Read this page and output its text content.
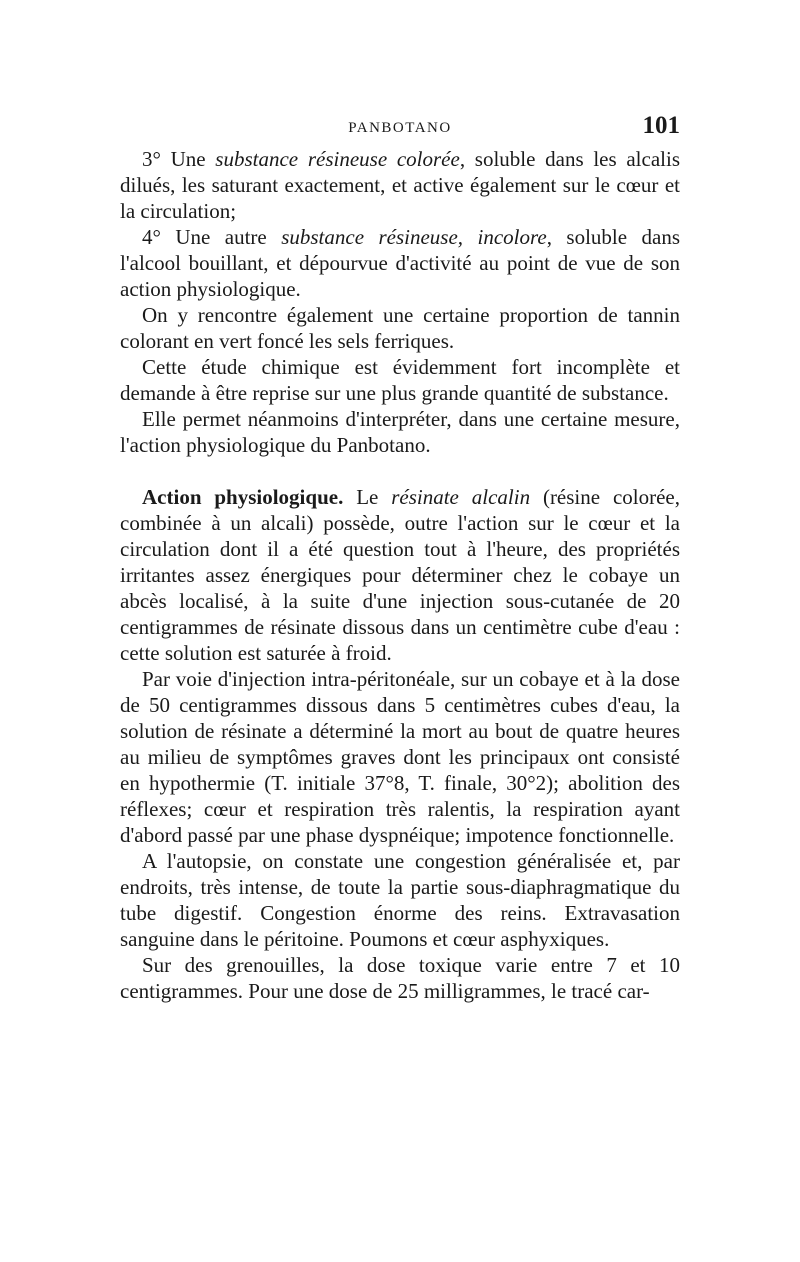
PANBOTANO	101

3° Une substance résineuse colorée, soluble dans les alcalis dilués, les saturant exactement, et active également sur le cœur et la circulation;

4° Une autre substance résineuse, incolore, soluble dans l'alcool bouillant, et dépourvue d'activité au point de vue de son action physiologique.

On y rencontre également une certaine proportion de tannin colorant en vert foncé les sels ferriques.

Cette étude chimique est évidemment fort incomplète et demande à être reprise sur une plus grande quantité de substance.

Elle permet néanmoins d'interpréter, dans une certaine mesure, l'action physiologique du Panbotano.

Action physiologique. Le résinate alcalin (résine colorée, combinée à un alcali) possède, outre l'action sur le cœur et la circulation dont il a été question tout à l'heure, des propriétés irritantes assez énergiques pour déterminer chez le cobaye un abcès localisé, à la suite d'une injection sous-cutanée de 20 centigrammes de résinate dissous dans un centimètre cube d'eau : cette solution est saturée à froid.

Par voie d'injection intra-péritonéale, sur un cobaye et à la dose de 50 centigrammes dissous dans 5 centimètres cubes d'eau, la solution de résinate a déterminé la mort au bout de quatre heures au milieu de symptômes graves dont les principaux ont consisté en hypothermie (T. initiale 37°8, T. finale, 30°2); abolition des réflexes; cœur et respiration très ralentis, la respiration ayant d'abord passé par une phase dyspnéique; impotence fonctionnelle.

A l'autopsie, on constate une congestion généralisée et, par endroits, très intense, de toute la partie sous-diaphragmatique du tube digestif. Congestion énorme des reins. Extravasation sanguine dans le péritoine. Poumons et cœur asphyxiques.

Sur des grenouilles, la dose toxique varie entre 7 et 10 centigrammes. Pour une dose de 25 milligrammes, le tracé car-
